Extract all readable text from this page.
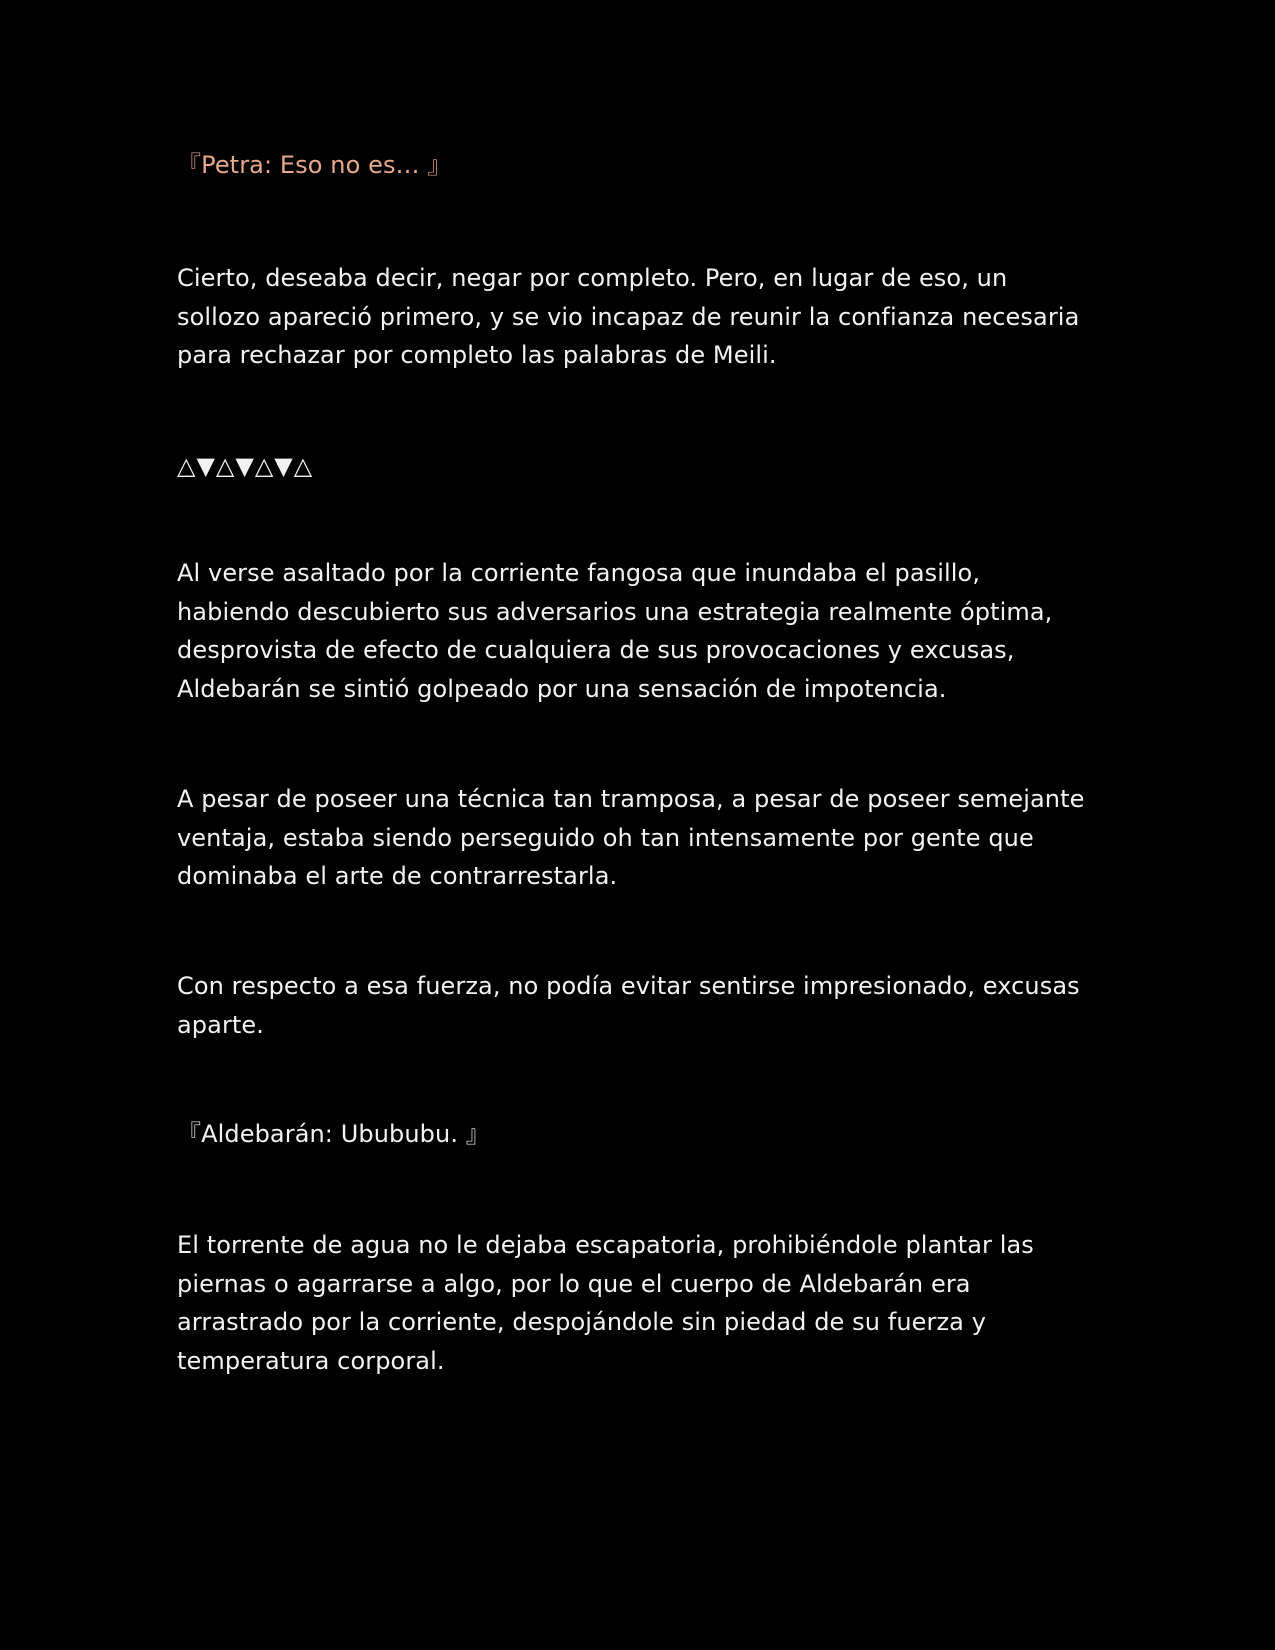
『Petra: Eso no es… 』

Cierto, deseaba decir, negar por completo. Pero, en lugar de eso, un sollozo apareció primero, y se vio incapaz de reunir la confianza necesaria para rechazar por completo las palabras de Meili.

△▼△▼△▼△

Al verse asaltado por la corriente fangosa que inundaba el pasillo, habiendo descubierto sus adversarios una estrategia realmente óptima, desprovista de efecto de cualquiera de sus provocaciones y excusas, Aldebarán se sintió golpeado por una sensación de impotencia.

A pesar de poseer una técnica tan tramposa, a pesar de poseer semejante ventaja, estaba siendo perseguido oh tan intensamente por gente que dominaba el arte de contrarrestarla.

Con respecto a esa fuerza, no podía evitar sentirse impresionado, excusas aparte.

『Aldebarán: Ubububu. 』

El torrente de agua no le dejaba escapatoria, prohibiéndole plantar las piernas o agarrarse a algo, por lo que el cuerpo de Aldebarán era arrastrado por la corriente, despojándole sin piedad de su fuerza y temperatura corporal.
